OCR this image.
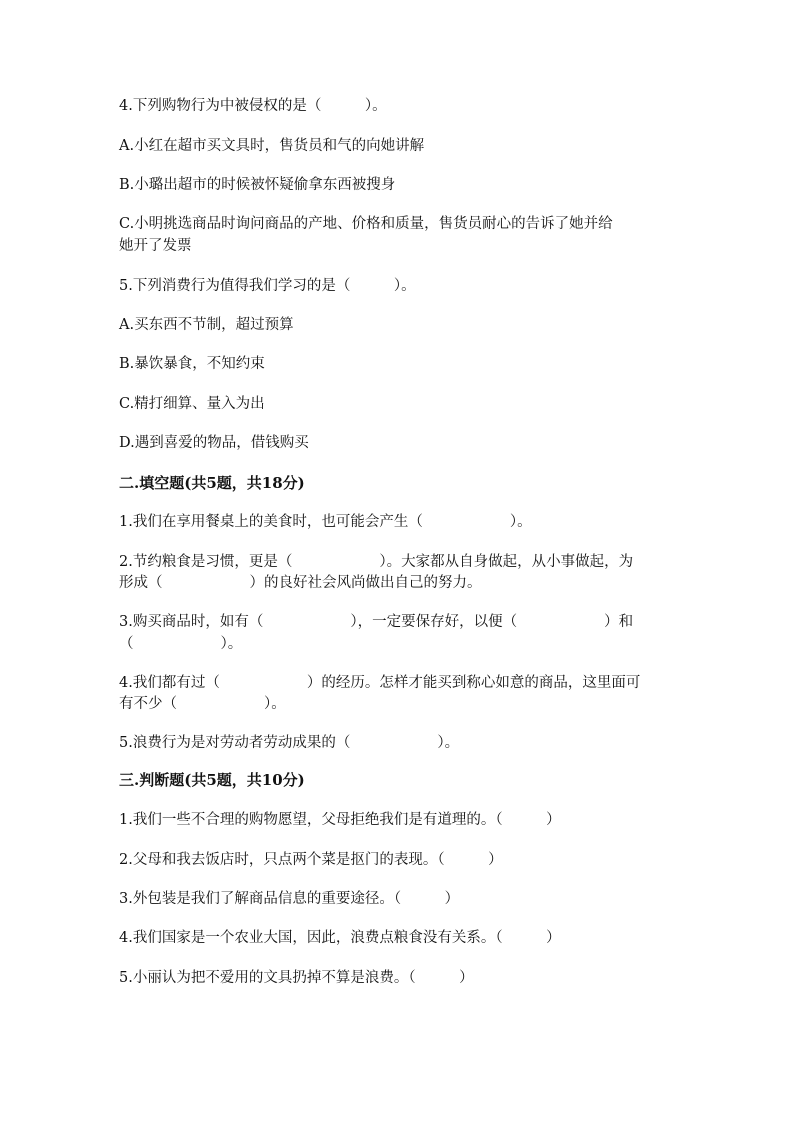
4.下列购物行为中被侵权的是（　　　）。
A.小红在超市买文具时，售货员和气的向她讲解
B.小璐出超市的时候被怀疑偷拿东西被搜身
C.小明挑选商品时询问商品的产地、价格和质量，售货员耐心的告诉了她并给
她开了发票
5.下列消费行为值得我们学习的是（　　　）。
A.买东西不节制，超过预算
B.暴饮暴食，不知约束
C.精打细算、量入为出
D.遇到喜爱的物品，借钱购买
二.填空题(共5题，共18分)
1.我们在享用餐桌上的美食时，也可能会产生（　　　　　　）。
2.节约粮食是习惯，更是（　　　　　　）。大家都从自身做起，从小事做起，为
形成（　　　　　　）的良好社会风尚做出自己的努力。
3.购买商品时，如有（　　　　　　），一定要保存好，以便（　　　　　　）和
（　　　　　　）。
4.我们都有过（　　　　　　）的经历。怎样才能买到称心如意的商品，这里面可
有不少（　　　　　　）。
5.浪费行为是对劳动者劳动成果的（　　　　　　）。
三.判断题(共5题，共10分)
1.我们一些不合理的购物愿望，父母拒绝我们是有道理的。（　　　）
2.父母和我去饭店时，只点两个菜是抠门的表现。（　　　）
3.外包装是我们了解商品信息的重要途径。（　　　）
4.我们国家是一个农业大国，因此，浪费点粮食没有关系。（　　　）
5.小丽认为把不爱用的文具扔掉不算是浪费。（　　　）
